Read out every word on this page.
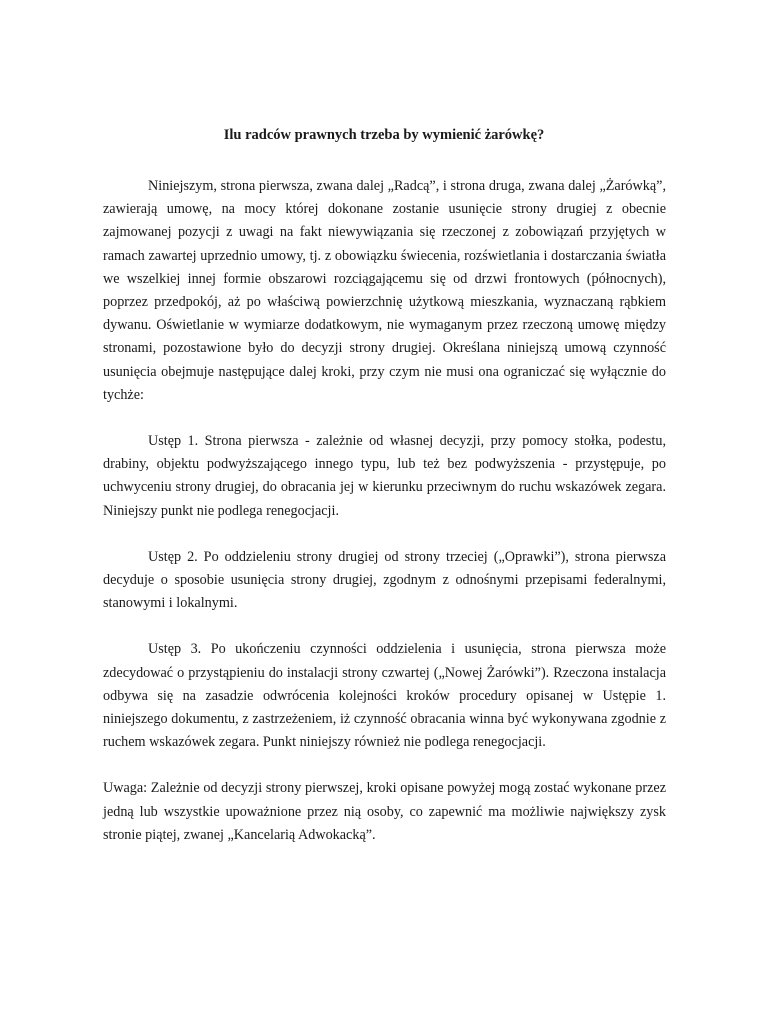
Ilu radców prawnych trzeba by wymienić żarówkę?

Niniejszym, strona pierwsza, zwana dalej „Radcą”, i strona druga, zwana dalej „Żarówką”, zawierają umowę, na mocy której dokonane zostanie usunięcie strony drugiej z obecnie zajmowanej pozycji z uwagi na fakt niewywiązania się rzeczonej z zobowiązań przyjętych w ramach zawartej uprzednio umowy, tj. z obowiązku świecenia, rozświetlania i dostarczania światła we wszelkiej innej formie obszarowi rozciągającemu się od drzwi frontowych (północnych), poprzez przedpokój, aż po właściwą powierzchnię użytkową mieszkania, wyznaczaną rąbkiem dywanu. Oświetlanie w wymiarze dodatkowym, nie wymaganym przez rzeczoną umowę między stronami, pozostawione było do decyzji strony drugiej. Określana niniejszą umową czynność usunięcia obejmuje następujące dalej kroki, przy czym nie musi ona ograniczać się wyłącznie do tychże:

Ustęp 1. Strona pierwsza - zależnie od własnej decyzji, przy pomocy stołka, podestu, drabiny, objektu podwyższającego innego typu, lub też bez podwyższenia - przystępuje, po uchwyceniu strony drugiej, do obracania jej w kierunku przeciwnym do ruchu wskazówek zegara. Niniejszy punkt nie podlega renegocjacji.

Ustęp 2. Po oddzieleniu strony drugiej od strony trzeciej („Oprawki”), strona pierwsza decyduje o sposobie usunięcia strony drugiej, zgodnym z odnośnymi przepisami federalnymi, stanowymi i lokalnymi.

Ustęp 3. Po ukończeniu czynności oddzielenia i usunięcia, strona pierwsza może zdecydować o przystąpieniu do instalacji strony czwartej („Nowej Żarówki”). Rzeczona instalacja odbywa się na zasadzie odwrócenia kolejności kroków procedury opisanej w Ustępie 1. niniejszego dokumentu, z zastrzeżeniem, iż czynność obracania winna być wykonywana zgodnie z ruchem wskazówek zegara. Punkt niniejszy również nie podlega renegocjacji.

Uwaga: Zależnie od decyzji strony pierwszej, kroki opisane powyżej mogą zostać wykonane przez jedną lub wszystkie upoważnione przez nią osoby, co zapewnić ma możliwie największy zysk stronie piątej, zwanej „Kancelarią Adwokacką”.
